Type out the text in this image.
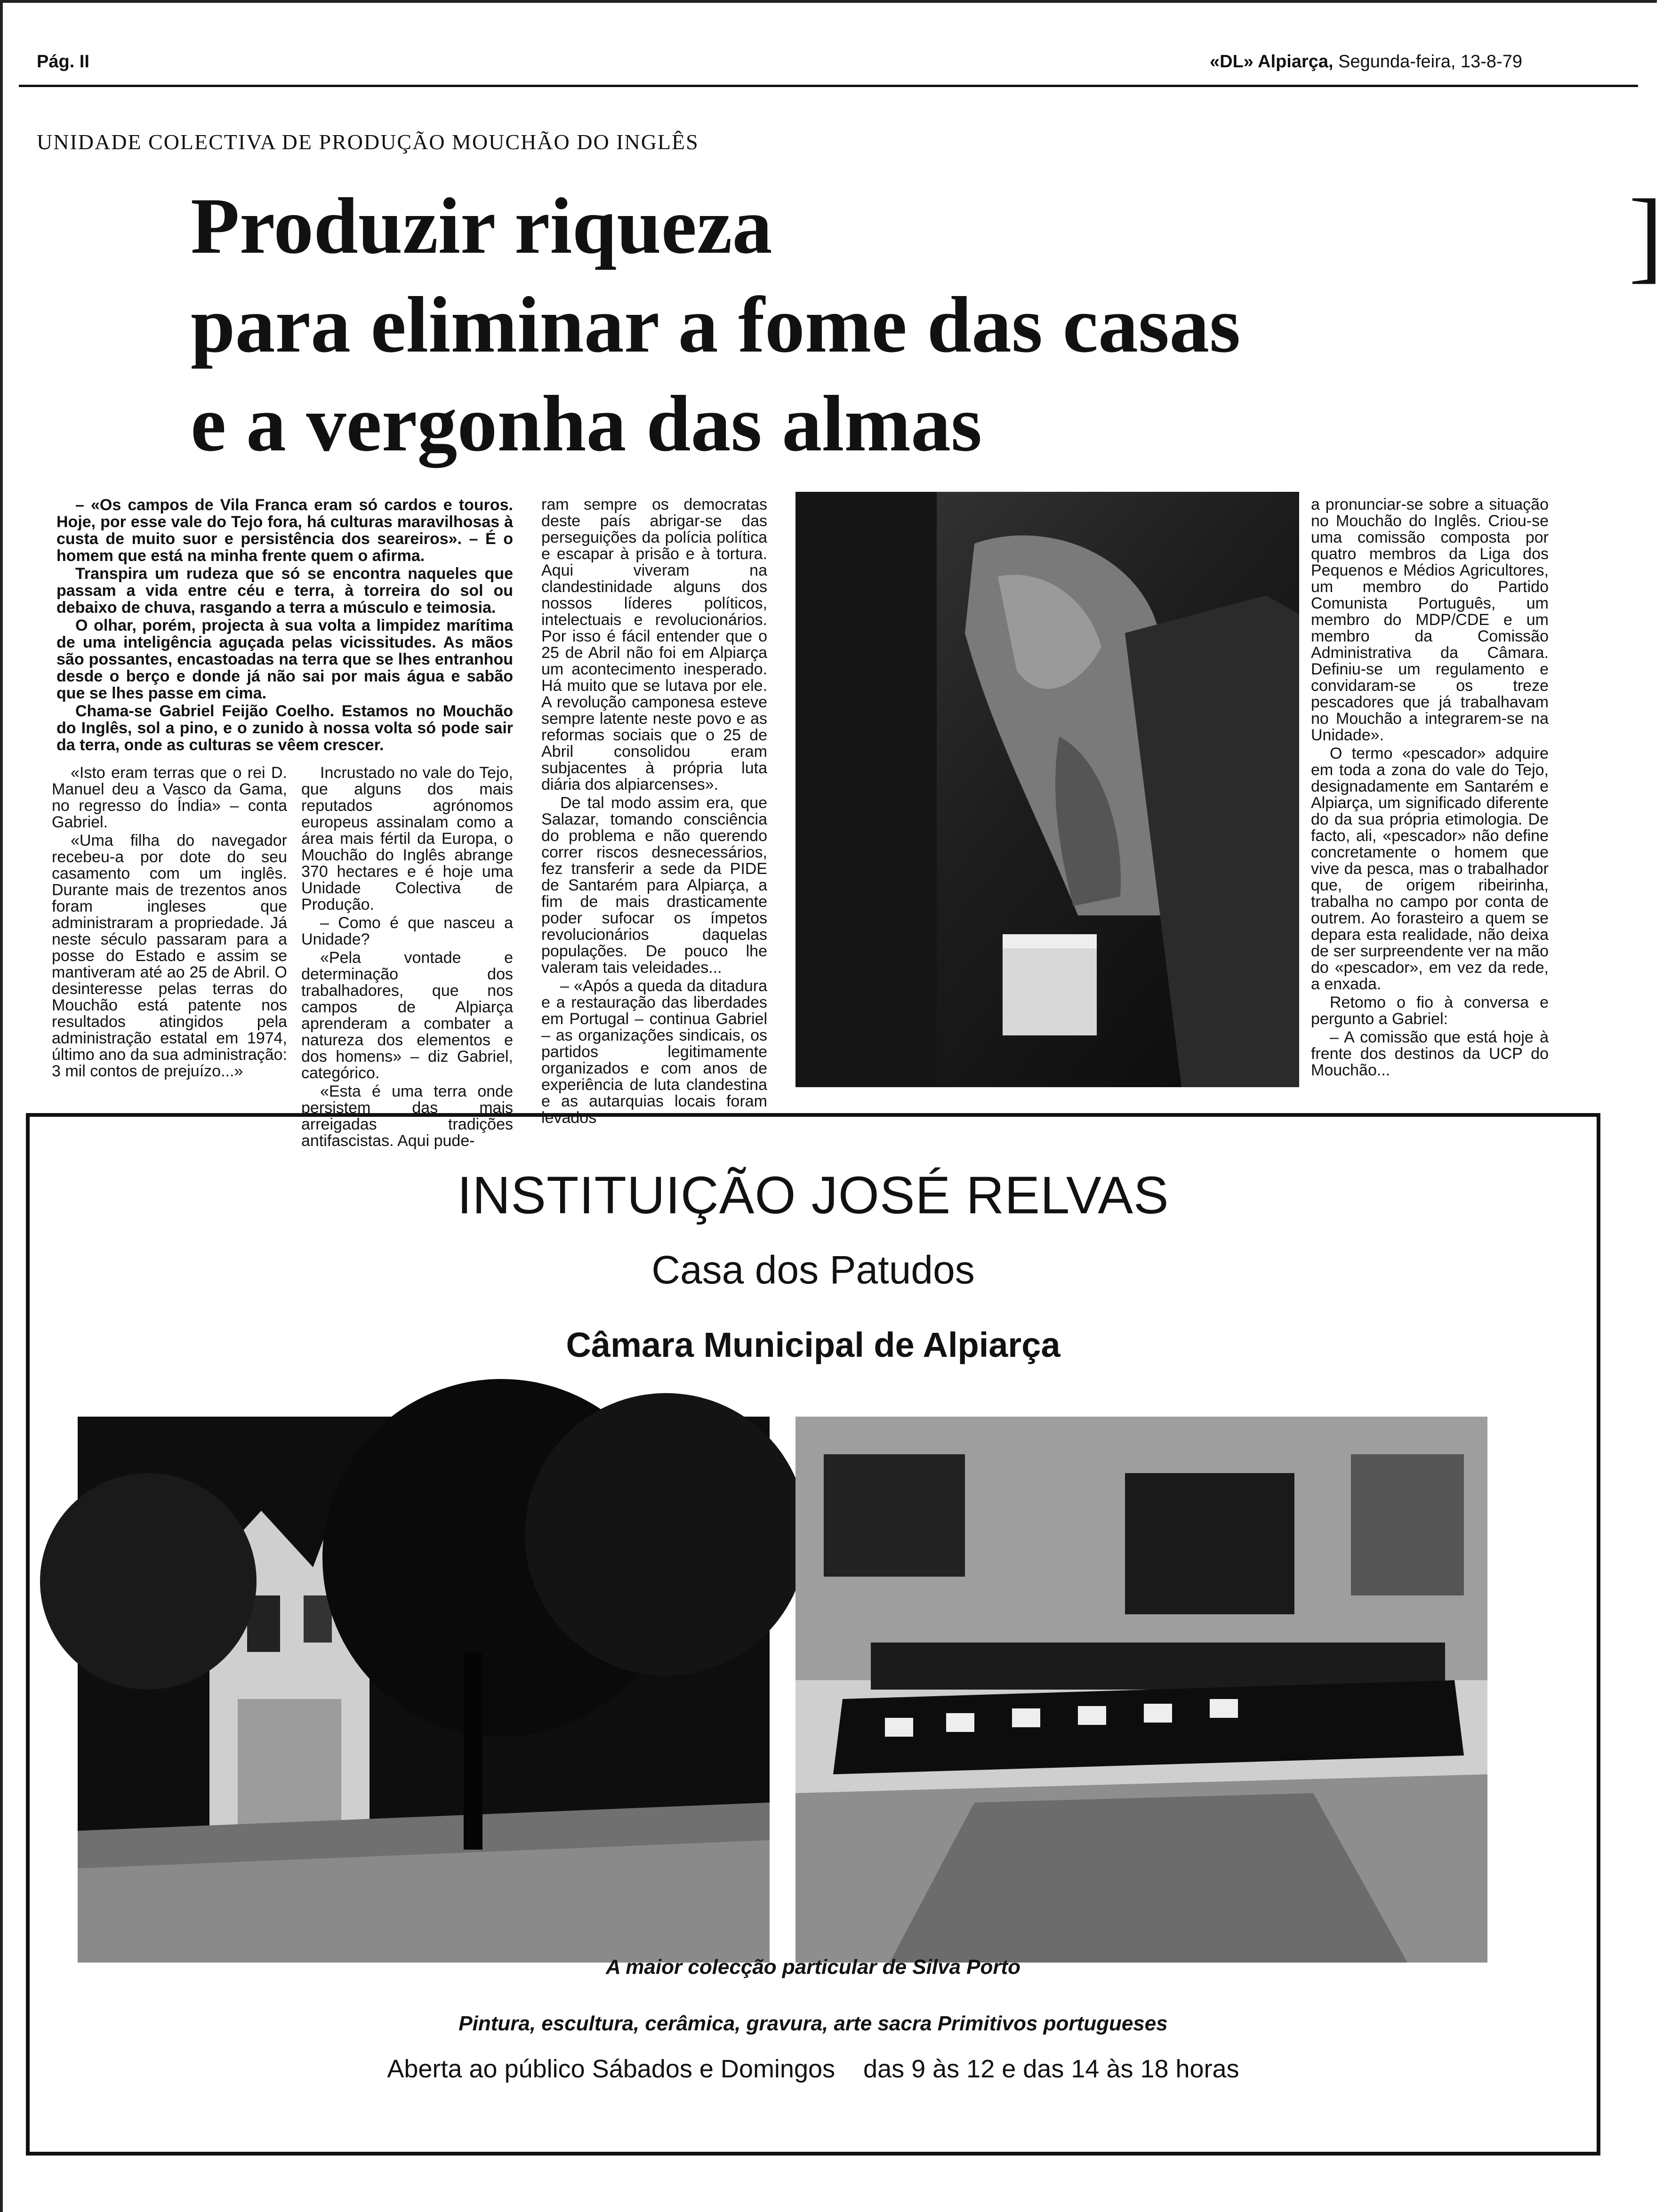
Pág. II	«DL» Alpiarça, Segunda-feira, 13-8-79
]
UNIDADE COLECTIVA DE PRODUÇÃO MOUCHÃO DO INGLÊS
Produzir riqueza
para eliminar a fome das casas
e a vergonha das almas

– «Os campos de Vila Franca eram só cardos e touros. Hoje, por esse vale do Tejo fora, há culturas maravilhosas à custa de muito suor e persistência dos seareiros». – É o homem que está na minha frente quem o afirma.

Transpira um rudeza que só se encontra naqueles que passam a vida entre céu e terra, à torreira do sol ou debaixo de chuva, rasgando a terra a músculo e teimosia.

O olhar, porém, projecta à sua volta a limpidez marítima de uma inteligência aguçada pelas vicissitudes. As mãos são possantes, encastoadas na terra que se lhes entranhou desde o berço e donde já não sai por mais água e sabão que se lhes passe em cima.

Chama-se Gabriel Feijão Coelho. Estamos no Mouchão do Inglês, sol a pino, e o zunido à nossa volta só pode sair da terra, onde as culturas se vêem crescer.

«Isto eram terras que o rei D. Manuel deu a Vasco da Gama, no regresso do Índia» – conta Gabriel.

«Uma filha do navegador recebeu-a por dote do seu casamento com um inglês. Durante mais de trezentos anos foram ingleses que administraram a propriedade. Já neste século passaram para a posse do Estado e assim se mantiveram até ao 25 de Abril. O desinteresse pelas terras do Mouchão está patente nos resultados atingidos pela administração estatal em 1974, último ano da sua administração: 3 mil contos de prejuízo...»

Incrustado no vale do Tejo, que alguns dos mais reputados agrónomos europeus assinalam como a área mais fértil da Europa, o Mouchão do Inglês abrange 370 hectares e é hoje uma Unidade Colectiva de Produção.

– Como é que nasceu a Unidade?

«Pela vontade e determinação dos trabalhadores, que nos campos de Alpiarça aprenderam a combater a natureza dos elementos e dos homens» – diz Gabriel, categórico.

«Esta é uma terra onde persistem das mais arreigadas tradições antifascistas. Aqui pude-

ram sempre os democratas deste país abrigar-se das perseguições da polícia política e escapar à prisão e à tortura. Aqui viveram na clandestinidade alguns dos nossos líderes políticos, intelectuais e revolucionários. Por isso é fácil entender que o 25 de Abril não foi em Alpiarça um acontecimento inesperado. Há muito que se lutava por ele. A revolução camponesa esteve sempre latente neste povo e as reformas sociais que o 25 de Abril consolidou eram subjacentes à própria luta diária dos alpiarcenses».

De tal modo assim era, que Salazar, tomando consciência do problema e não querendo correr riscos desnecessários, fez transferir a sede da PIDE de Santarém para Alpiarça, a fim de mais drasticamente poder sufocar os ímpetos revolucionários daquelas populações. De pouco lhe valeram tais veleidades...

– «Após a queda da ditadura e a restauração das liberdades em Portugal – continua Gabriel – as organizações sindicais, os partidos legitimamente organizados e com anos de experiência de luta clandestina e as autarquias locais foram levados

a pronunciar-se sobre a situação no Mouchão do Inglês. Criou-se uma comissão composta por quatro membros da Liga dos Pequenos e Médios Agricultores, um membro do Partido Comunista Português, um membro do MDP/CDE e um membro da Comissão Administrativa da Câmara. Definiu-se um regulamento e convidaram-se os treze pescadores que já trabalhavam no Mouchão a integrarem-se na Unidade».

O termo «pescador» adquire em toda a zona do vale do Tejo, designadamente em Santarém e Alpiarça, um significado diferente do da sua própria etimologia. De facto, ali, «pescador» não define concretamente o homem que vive da pesca, mas o trabalhador que, de origem ribeirinha, trabalha no campo por conta de outrem. Ao forasteiro a quem se depara esta realidade, não deixa de ser surpreendente ver na mão do «pescador», em vez da rede, a enxada.

Retomo o fio à conversa e pergunto a Gabriel:

– A comissão que está hoje à frente dos destinos da UCP do Mouchão...

INSTITUIÇÃO JOSÉ RELVAS
Casa dos Patudos
Câmara Municipal de Alpiarça
A maior colecção particular de Silva Porto
Pintura, escultura, cerâmica, gravura, arte sacra Primitivos portugueses
Aberta ao público Sábados e Domingos das 9 às 12 e das 14 às 18 horas
